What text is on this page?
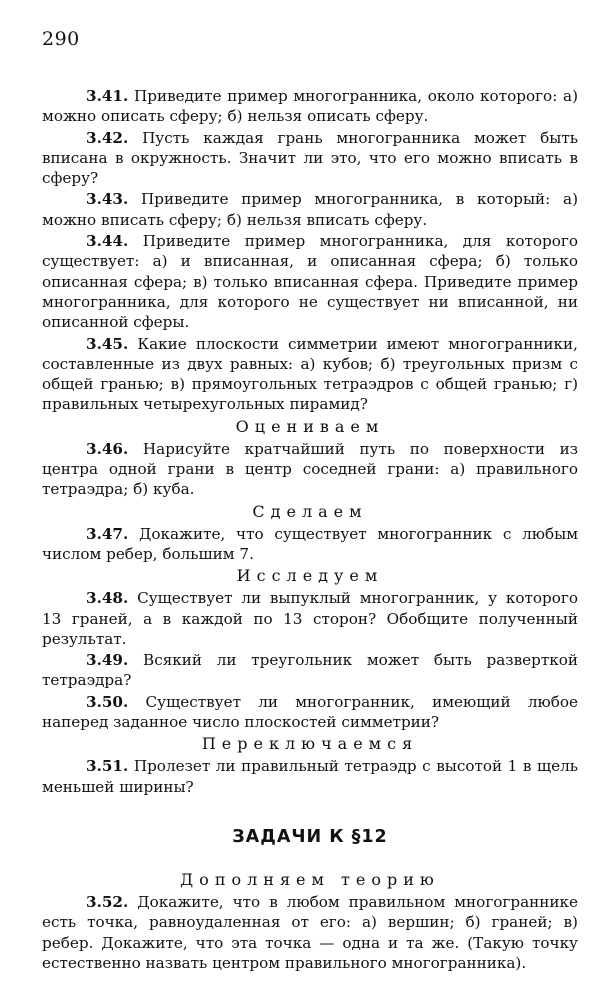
290

3.41. Приведите пример многогранника, около которого: а) можно описать сферу; б) нельзя описать сферу.

3.42. Пусть каждая грань многогранника может быть вписана в окружность. Значит ли это, что его можно вписать в сферу?

3.43. Приведите пример многогранника, в который: а) можно вписать сферу; б) нельзя вписать сферу.

3.44. Приведите пример многогранника, для которого существует: а) и вписанная, и описанная сфера; б) только описанная сфера; в) только вписанная сфера. Приведите пример многогранника, для которого не существует ни вписанной, ни описанной сферы.

3.45. Какие плоскости симметрии имеют многогранники, составленные из двух равных: а) кубов; б) треугольных призм с общей гранью; в) прямоугольных тетраэдров с общей гранью; г) правильных четырехугольных пирамид?

Оцениваем

3.46. Нарисуйте кратчайший путь по поверхности из центра одной грани в центр соседней грани: а) правильного тетраэдра; б) куба.

Сделаем

3.47. Докажите, что существует многогранник с любым числом ребер, большим 7.

Исследуем

3.48. Существует ли выпуклый многогранник, у которого 13 граней, а в каждой по 13 сторон? Обобщите полученный результат.

3.49. Всякий ли треугольник может быть разверткой тетраэдра?

3.50. Существует ли многогранник, имеющий любое наперед заданное число плоскостей симметрии?

Переключаемся

3.51. Пролезет ли правильный тетраэдр с высотой 1 в щель меньшей ширины?

ЗАДАЧИ К §12
Дополняем теорию

3.52. Докажите, что в любом правильном многограннике есть точка, равноудаленная от его: а) вершин; б) граней; в) ребер. Докажите, что эта точка — одна и та же. (Такую точку естественно назвать центром правильного многогранника).
